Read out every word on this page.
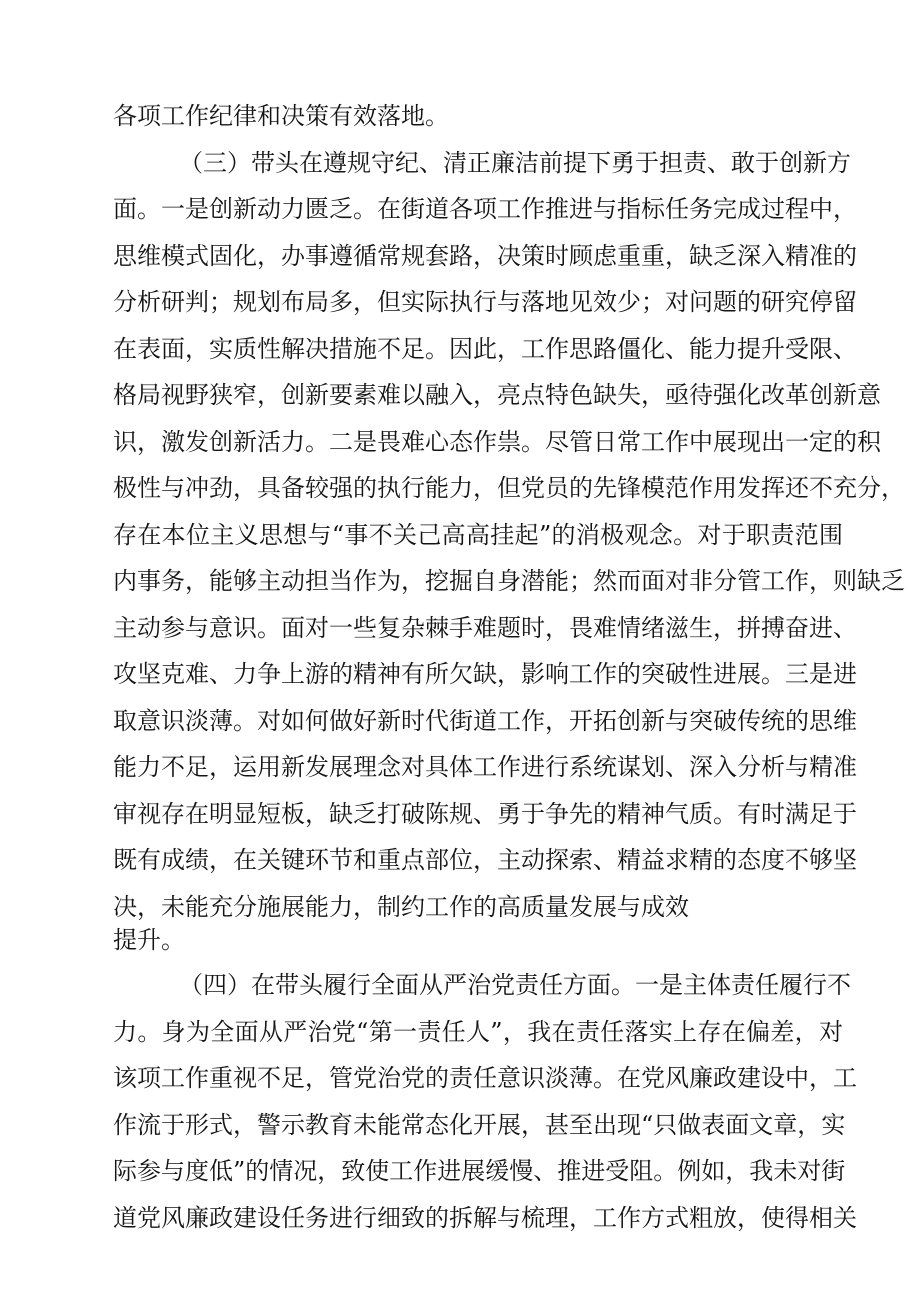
各项工作纪律和决策有效落地。
（三）带头在遵规守纪、清正廉洁前提下勇于担责、敢于创新方
面。一是创新动力匮乏。在街道各项工作推进与指标任务完成过程中，
思维模式固化，办事遵循常规套路，决策时顾虑重重，缺乏深入精准的
分析研判；规划布局多，但实际执行与落地见效少；对问题的研究停留
在表面，实质性解决措施不足。因此，工作思路僵化、能力提升受限、
格局视野狭窄，创新要素难以融入，亮点特色缺失，亟待强化改革创新意
识，激发创新活力。二是畏难心态作祟。尽管日常工作中展现出一定的积
极性与冲劲，具备较强的执行能力，但党员的先锋模范作用发挥还不充分，
存在本位主义思想与“事不关己高高挂起”的消极观念。对于职责范围
内事务，能够主动担当作为，挖掘自身潜能；然而面对非分管工作，则缺乏
主动参与意识。面对一些复杂棘手难题时，畏难情绪滋生，拼搏奋进、
攻坚克难、力争上游的精神有所欠缺，影响工作的突破性进展。三是进
取意识淡薄。对如何做好新时代街道工作，开拓创新与突破传统的思维
能力不足，运用新发展理念对具体工作进行系统谋划、深入分析与精准
审视存在明显短板，缺乏打破陈规、勇于争先的精神气质。有时满足于
既有成绩，在关键环节和重点部位，主动探索、精益求精的态度不够坚
决，未能充分施展能力，制约工作的高质量发展与成效
提升。
（四）在带头履行全面从严治党责任方面。一是主体责任履行不
力。身为全面从严治党“第一责任人”，我在责任落实上存在偏差，对
该项工作重视不足，管党治党的责任意识淡薄。在党风廉政建设中，工
作流于形式，警示教育未能常态化开展，甚至出现“只做表面文章，实
际参与度低”的情况，致使工作进展缓慢、推进受阻。例如，我未对街
道党风廉政建设任务进行细致的拆解与梳理，工作方式粗放，使得相关
